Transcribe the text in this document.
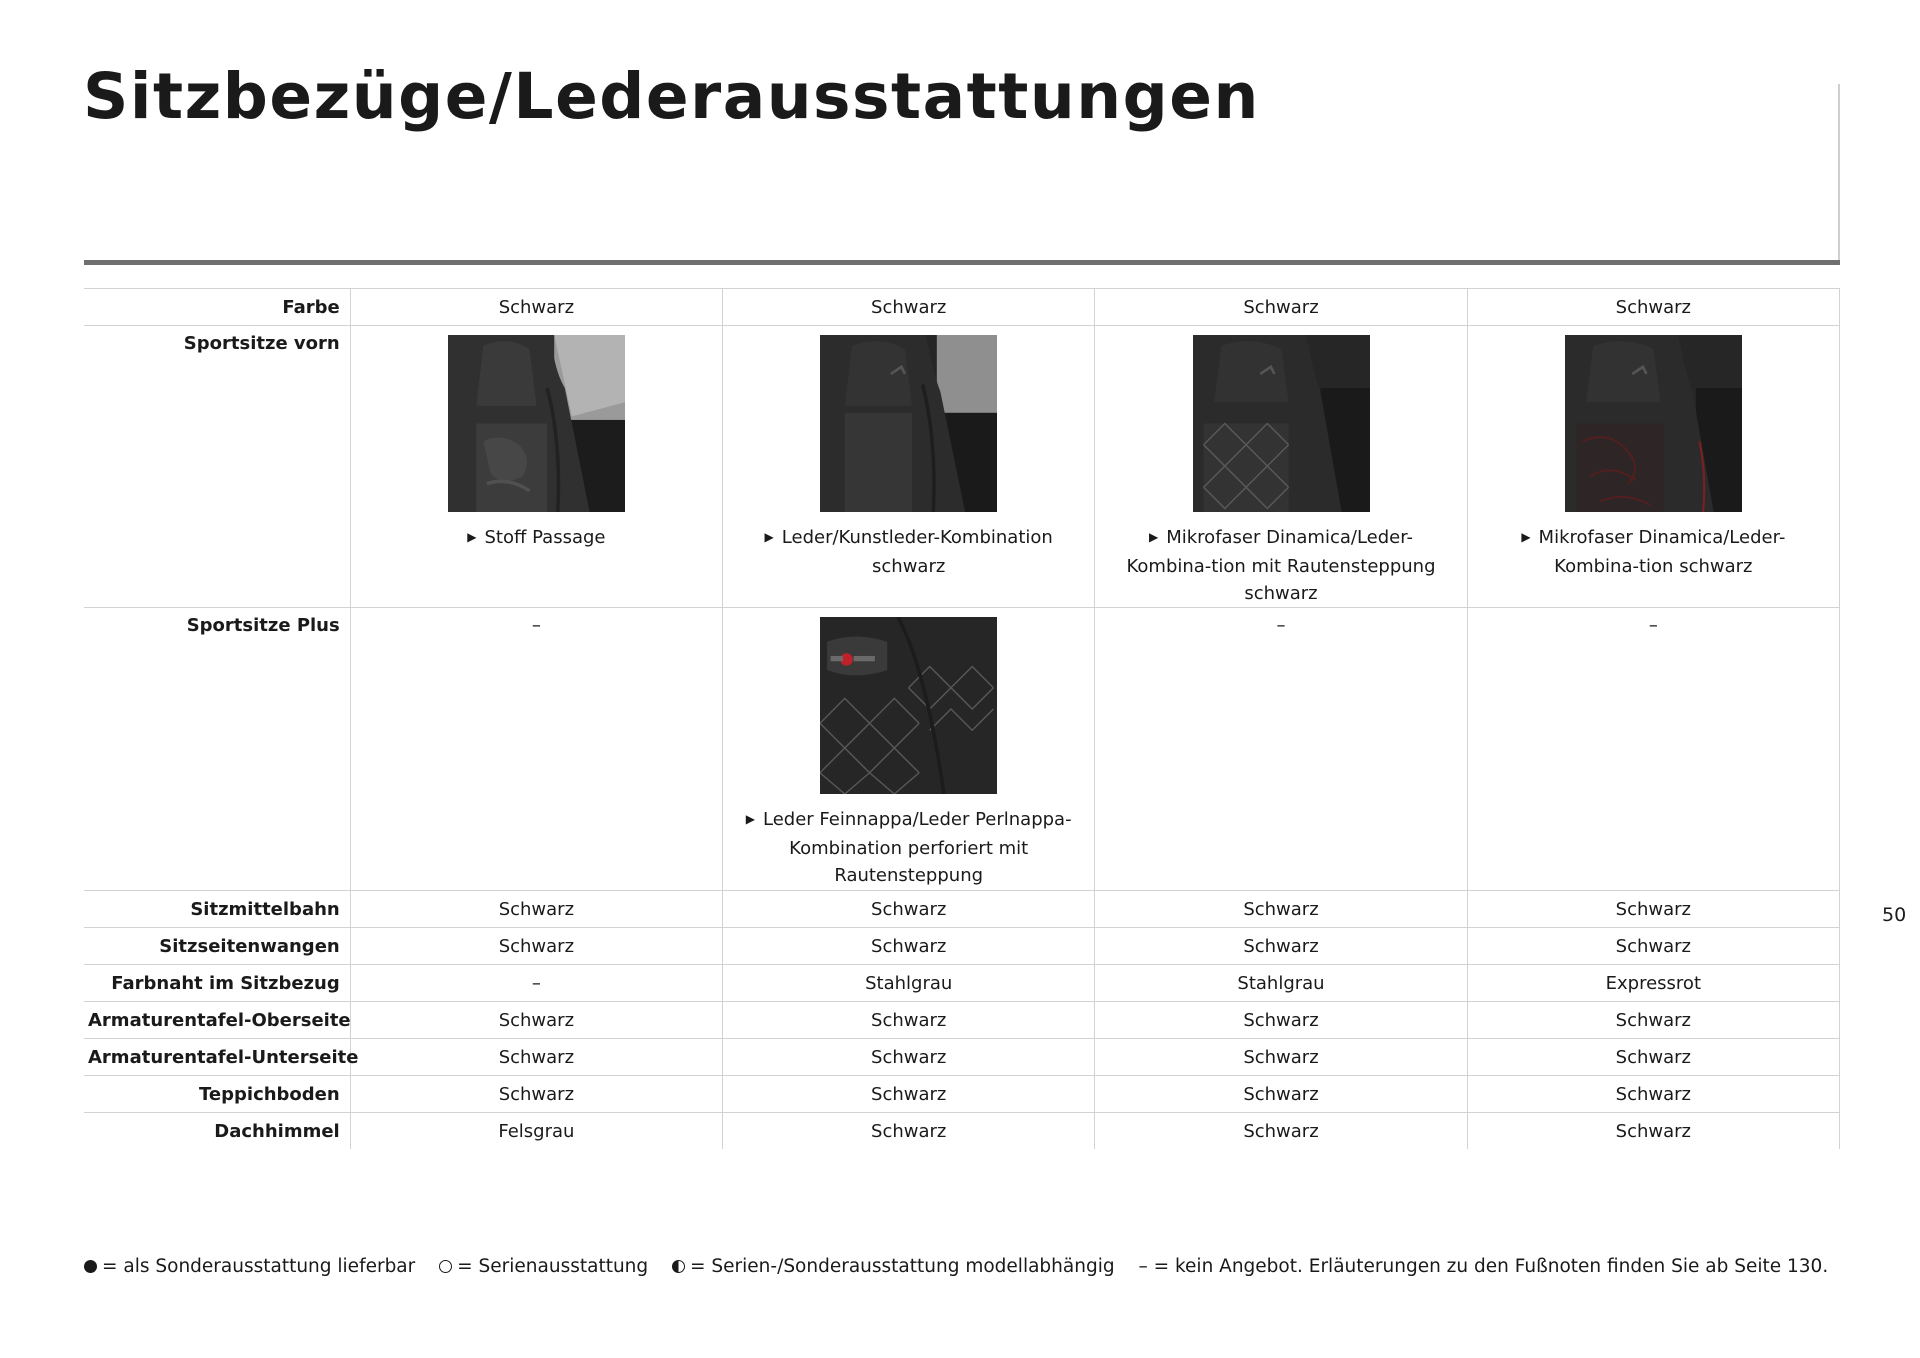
Sitzbezüge/Lederausstattungen
50
Farbe	Schwarz	Schwarz	Schwarz	Schwarz
Sportsitze vorn	▶ Stoff Passage	▶ Leder/Kunstleder-Kombination schwarz	▶ Mikrofaser Dinamica/Leder-Kombina-tion mit Rautensteppung schwarz	▶ Mikrofaser Dinamica/Leder-Kombina-tion schwarz

Sportsitze Plus	–	▶ Leder Feinnappa/Leder Perlnappa-Kombination perforiert mit Rautensteppung	–	–
Sitzmittelbahn	Schwarz	Schwarz	Schwarz	Schwarz
Sitzseitenwangen	Schwarz	Schwarz	Schwarz	Schwarz
Farbnaht im Sitzbezug	–	Stahlgrau	Stahlgrau	Expressrot
Armaturentafel-Oberseite	Schwarz	Schwarz	Schwarz	Schwarz
Armaturentafel-Unterseite	Schwarz	Schwarz	Schwarz	Schwarz
Teppichboden	Schwarz	Schwarz	Schwarz	Schwarz
Dachhimmel	Felsgrau	Schwarz	Schwarz	Schwarz
= als Sonderausstattung lieferbar = Serienausstattung = Serien-/Sonderausstattung modellabhängig – = kein Angebot. Erläuterungen zu den Fußnoten finden Sie ab Seite 130.
